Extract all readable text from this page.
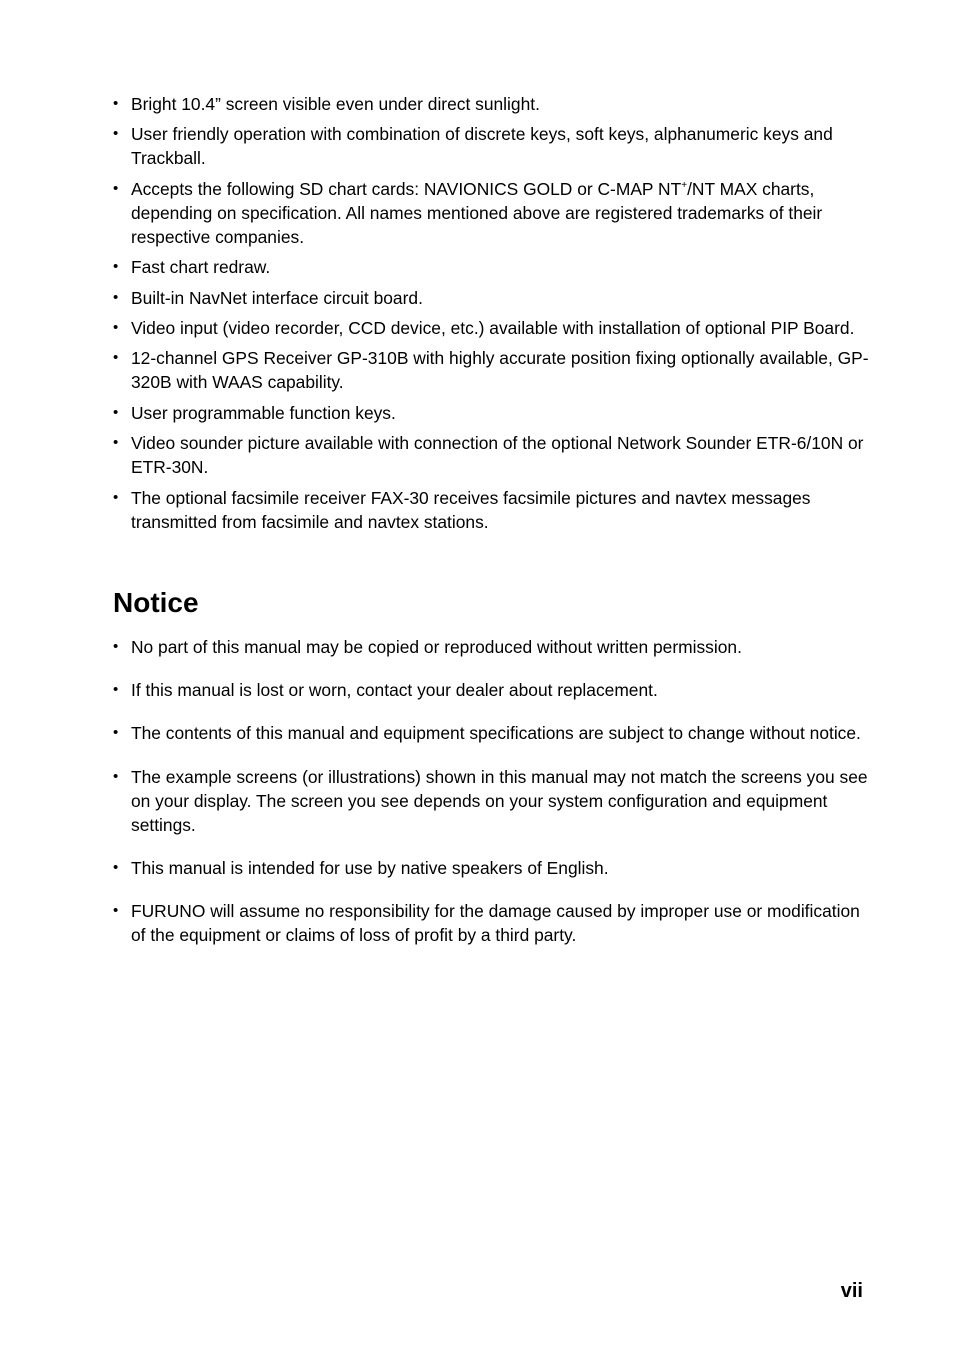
• Bright 10.4” screen visible even under direct sunlight.
• User friendly operation with combination of discrete keys, soft keys, alphanumeric keys and Trackball.
• Accepts the following SD chart cards: NAVIONICS GOLD or C-MAP NT+/NT MAX charts, depending on specification. All names mentioned above are registered trademarks of their respective companies.
• Fast chart redraw.
• Built-in NavNet interface circuit board.
• Video input (video recorder, CCD device, etc.) available with installation of optional PIP Board.
• 12-channel GPS Receiver GP-310B with highly accurate position fixing optionally available, GP-320B with WAAS capability.
• User programmable function keys.
• Video sounder picture available with connection of the optional Network Sounder ETR-6/10N or ETR-30N.
• The optional facsimile receiver FAX-30 receives facsimile pictures and navtex messages transmitted from facsimile and navtex stations.
Notice
• No part of this manual may be copied or reproduced without written permission.
• If this manual is lost or worn, contact your dealer about replacement.
• The contents of this manual and equipment specifications are subject to change without notice.
• The example screens (or illustrations) shown in this manual may not match the screens you see on your display. The screen you see depends on your system configuration and equipment settings.
• This manual is intended for use by native speakers of English.
• FURUNO will assume no responsibility for the damage caused by improper use or modification of the equipment or claims of loss of profit by a third party.
vii
